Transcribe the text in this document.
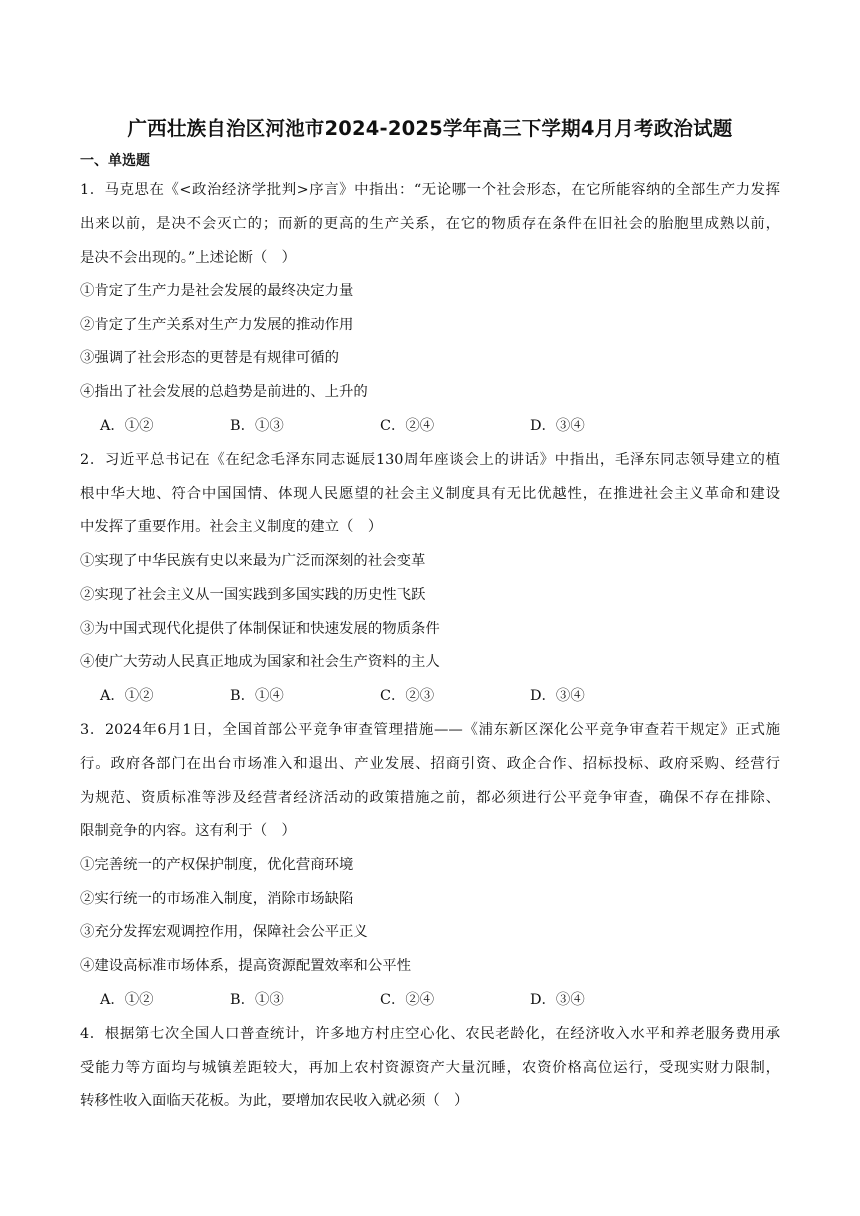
广西壮族自治区河池市2024-2025学年高三下学期4月月考政治试题
一、单选题
1．马克思在《<政治经济学批判>序言》中指出：“无论哪一个社会形态，在它所能容纳的全部生产力发挥
出来以前，是决不会灭亡的；而新的更高的生产关系，在它的物质存在条件在旧社会的胎胞里成熟以前，
是决不会出现的。”上述论断（　）
①肯定了生产力是社会发展的最终决定力量
②肯定了生产关系对生产力发展的推动作用
③强调了社会形态的更替是有规律可循的
④指出了社会发展的总趋势是前进的、上升的
A．①②	B．①③	C．②④	D．③④
2．习近平总书记在《在纪念毛泽东同志诞辰130周年座谈会上的讲话》中指出，毛泽东同志领导建立的植
根中华大地、符合中国国情、体现人民愿望的社会主义制度具有无比优越性，在推进社会主义革命和建设
中发挥了重要作用。社会主义制度的建立（　）
①实现了中华民族有史以来最为广泛而深刻的社会变革
②实现了社会主义从一国实践到多国实践的历史性飞跃
③为中国式现代化提供了体制保证和快速发展的物质条件
④使广大劳动人民真正地成为国家和社会生产资料的主人
A．①②	B．①④	C．②③	D．③④
3．2024年6月1日，全国首部公平竞争审查管理措施——《浦东新区深化公平竞争审查若干规定》正式施
行。政府各部门在出台市场准入和退出、产业发展、招商引资、政企合作、招标投标、政府采购、经营行
为规范、资质标准等涉及经营者经济活动的政策措施之前，都必须进行公平竞争审查，确保不存在排除、
限制竞争的内容。这有利于（　）
①完善统一的产权保护制度，优化营商环境
②实行统一的市场准入制度，消除市场缺陷
③充分发挥宏观调控作用，保障社会公平正义
④建设高标准市场体系，提高资源配置效率和公平性
A．①②	B．①③	C．②④	D．③④
4．根据第七次全国人口普查统计，许多地方村庄空心化、农民老龄化，在经济收入水平和养老服务费用承
受能力等方面均与城镇差距较大，再加上农村资源资产大量沉睡，农资价格高位运行，受现实财力限制，
转移性收入面临天花板。为此，要增加农民收入就必须（　）
